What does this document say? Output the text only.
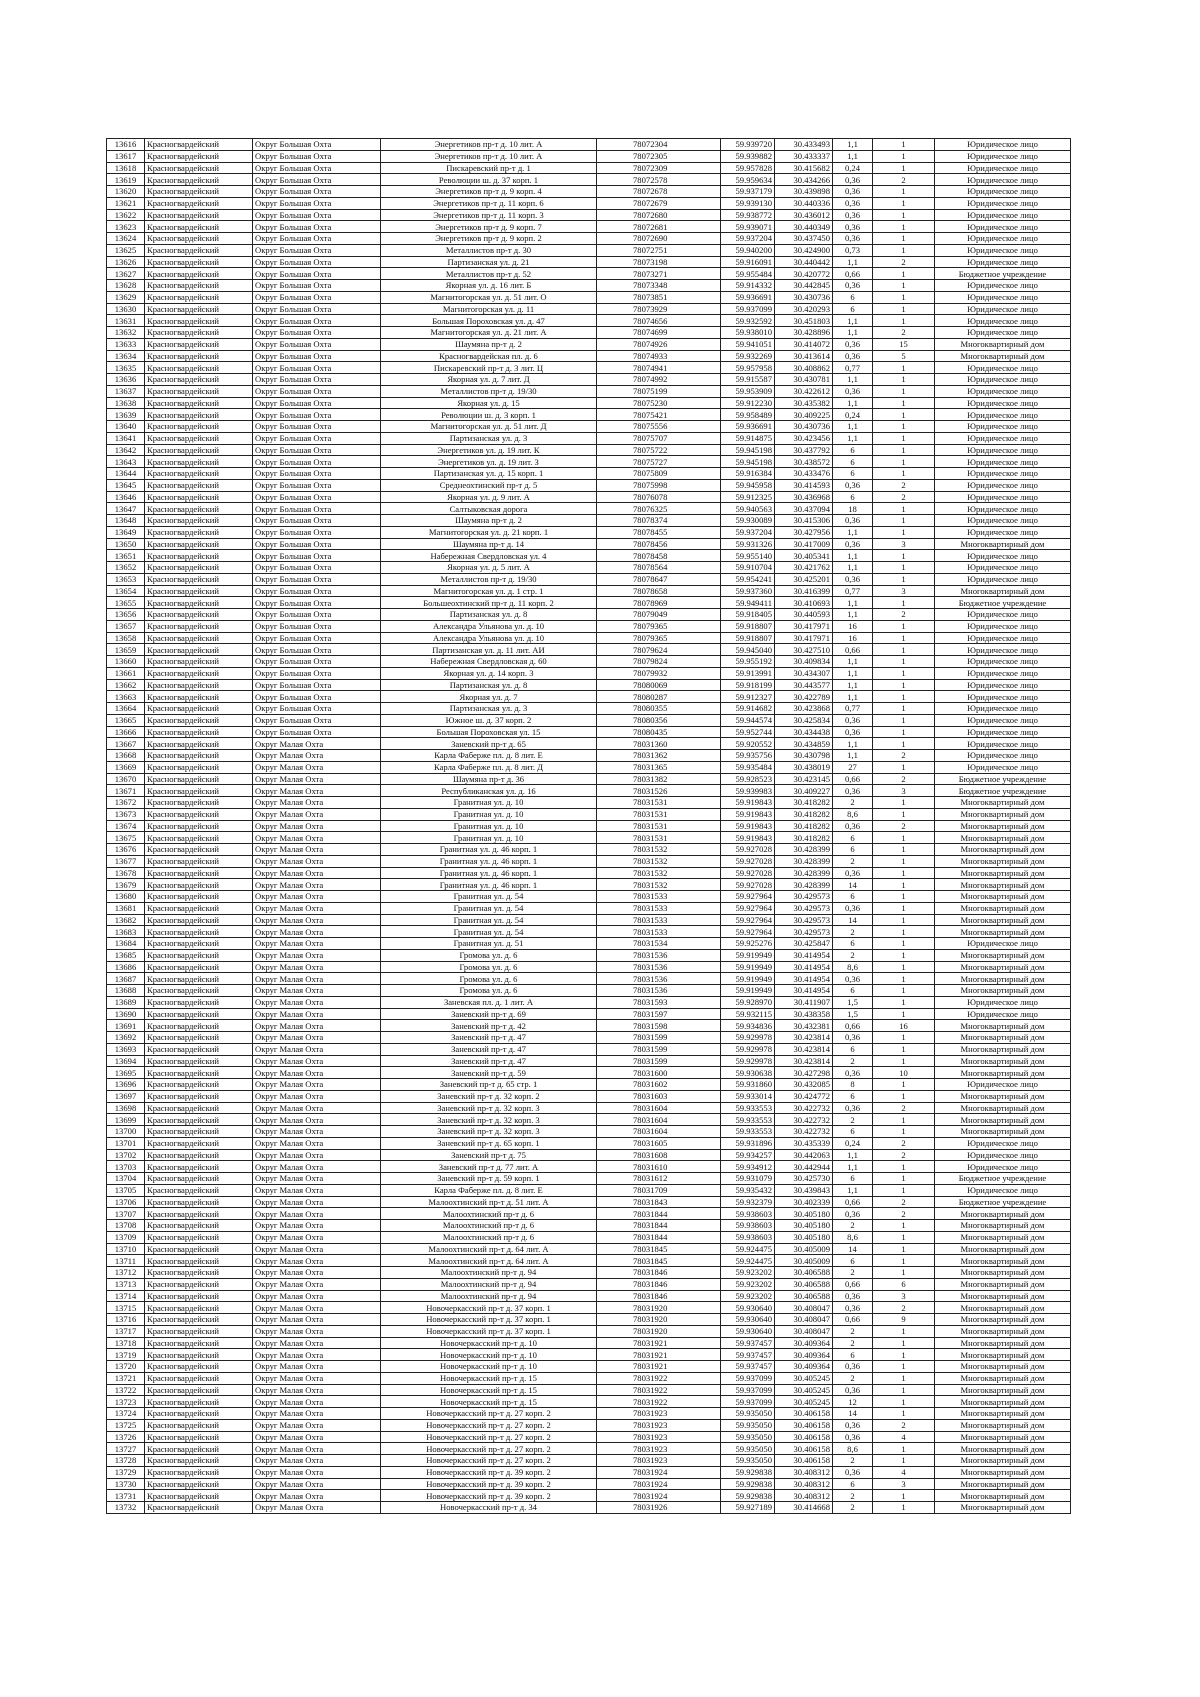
13616	Красногвардейский	Округ Большая Охта	Энергетиков пр-т д. 10 лит. А	78072304	59.939720	30.433493	1,1	1	Юридическое лицо
13617	Красногвардейский	Округ Большая Охта	Энергетиков пр-т д. 10 лит. А	78072305	59.939882	30.433337	1,1	1	Юридическое лицо
13618	Красногвардейский	Округ Большая Охта	Пискаревский пр-т д. 1	78072309	59.957828	30.415682	0,24	1	Юридическое лицо
13619	Красногвардейский	Округ Большая Охта	Революции ш. д. 37 корп. 1	78072578	59.959634	30.434266	0,36	2	Юридическое лицо
13620	Красногвардейский	Округ Большая Охта	Энергетиков пр-т д. 9 корп. 4	78072678	59.937179	30.439898	0,36	1	Юридическое лицо
13621	Красногвардейский	Округ Большая Охта	Энергетиков пр-т д. 11 корп. 6	78072679	59.939130	30.440336	0,36	1	Юридическое лицо
13622	Красногвардейский	Округ Большая Охта	Энергетиков пр-т д. 11 корп. 3	78072680	59.938772	30.436012	0,36	1	Юридическое лицо
13623	Красногвардейский	Округ Большая Охта	Энергетиков пр-т д. 9 корп. 7	78072681	59.939071	30.440349	0,36	1	Юридическое лицо
13624	Красногвардейский	Округ Большая Охта	Энергетиков пр-т д. 9 корп. 2	78072690	59.937204	30.437450	0,36	1	Юридическое лицо
13625	Красногвардейский	Округ Большая Охта	Металлистов пр-т д. 30	78072751	59.940200	30.424900	0,73	1	Юридическое лицо
13626	Красногвардейский	Округ Большая Охта	Партизанская ул. д. 21	78073198	59.916091	30.440442	1,1	2	Юридическое лицо
13627	Красногвардейский	Округ Большая Охта	Металлистов пр-т д. 52	78073271	59.955484	30.420772	0,66	1	Бюджетное учреждение
13628	Красногвардейский	Округ Большая Охта	Якорная ул. д. 16 лит. Б	78073348	59.914332	30.442845	0,36	1	Юридическое лицо
13629	Красногвардейский	Округ Большая Охта	Магнитогорская ул. д. 51 лит. О	78073851	59.936691	30.430736	6	1	Юридическое лицо
13630	Красногвардейский	Округ Большая Охта	Магнитогорская ул. д. 11	78073929	59.937099	30.420293	6	1	Юридическое лицо
13631	Красногвардейский	Округ Большая Охта	Большая Пороховская ул. д. 47	78074656	59.932592	30.451803	1,1	1	Юридическое лицо
13632	Красногвардейский	Округ Большая Охта	Магнитогорская ул. д. 21 лит. А	78074699	59.938010	30.428896	1,1	2	Юридическое лицо
13633	Красногвардейский	Округ Большая Охта	Шаумяна пр-т д. 2	78074926	59.941051	30.414072	0,36	15	Многоквартирный дом
13634	Красногвардейский	Округ Большая Охта	Красногвардейская пл. д. 6	78074933	59.932269	30.413614	0,36	5	Многоквартирный дом
13635	Красногвардейский	Округ Большая Охта	Пискаревский пр-т д. 3 лит. Ц	78074941	59.957958	30.408862	0,77	1	Юридическое лицо
13636	Красногвардейский	Округ Большая Охта	Якорная ул. д. 7 лит. Д	78074992	59.915587	30.430781	1,1	1	Юридическое лицо
13637	Красногвардейский	Округ Большая Охта	Металлистов пр-т д. 19/30	78075199	59.953909	30.422612	0,36	1	Юридическое лицо
13638	Красногвардейский	Округ Большая Охта	Якорная ул. д. 15	78075230	59.912230	30.435382	1,1	1	Юридическое лицо
13639	Красногвардейский	Округ Большая Охта	Революции ш. д. 3 корп. 1	78075421	59.958489	30.409225	0,24	1	Юридическое лицо
13640	Красногвардейский	Округ Большая Охта	Магнитогорская ул. д. 51 лит. Д	78075556	59.936691	30.430736	1,1	1	Юридическое лицо
13641	Красногвардейский	Округ Большая Охта	Партизанская ул. д. 3	78075707	59.914875	30.423456	1,1	1	Юридическое лицо
13642	Красногвардейский	Округ Большая Охта	Энергетиков ул. д. 19 лит. К	78075722	59.945198	30.437792	6	1	Юридическое лицо
13643	Красногвардейский	Округ Большая Охта	Энергетиков ул. д. 19 лит. З	78075727	59.945198	30.438572	6	1	Юридическое лицо
13644	Красногвардейский	Округ Большая Охта	Партизанская ул. д. 15 корп. 1	78075809	59.916384	30.433476	6	1	Юридическое лицо
13645	Красногвардейский	Округ Большая Охта	Среднеохтинский пр-т д. 5	78075998	59.945958	30.414593	0,36	2	Юридическое лицо
13646	Красногвардейский	Округ Большая Охта	Якорная ул. д. 9 лит. А	78076078	59.912325	30.436968	6	2	Юридическое лицо
13647	Красногвардейский	Округ Большая Охта	Салтыковская дорога	78076325	59.940563	30.437094	18	1	Юридическое лицо
13648	Красногвардейский	Округ Большая Охта	Шаумяна пр-т д. 2	78078374	59.930089	30.415306	0,36	1	Юридическое лицо
13649	Красногвардейский	Округ Большая Охта	Магнитогорская ул. д. 21 корп. 1	78078455	59.937204	30.427956	1,1	1	Юридическое лицо
13650	Красногвардейский	Округ Большая Охта	Шаумяна пр-т д. 14	78078456	59.931326	30.417009	0,36	3	Многоквартирный дом
13651	Красногвардейский	Округ Большая Охта	Набережная Свердловская ул. 4	78078458	59.955140	30.405341	1,1	1	Юридическое лицо
13652	Красногвардейский	Округ Большая Охта	Якорная ул. д. 5 лит. А	78078564	59.910704	30.421762	1,1	1	Юридическое лицо
13653	Красногвардейский	Округ Большая Охта	Металлистов пр-т д. 19/30	78078647	59.954241	30.425201	0,36	1	Юридическое лицо
13654	Красногвардейский	Округ Большая Охта	Магнитогорская ул. д. 1 стр. 1	78078658	59.937360	30.416399	0,77	3	Многоквартирный дом
13655	Красногвардейский	Округ Большая Охта	Большеохтинский пр-т д. 11 корп. 2	78078969	59.949411	30.410693	1,1	1	Бюджетное учреждение
13656	Красногвардейский	Округ Большая Охта	Партизанская ул. д. 8	78079049	59.918405	30.440593	1,1	2	Юридическое лицо
13657	Красногвардейский	Округ Большая Охта	Александра Ульянова ул. д. 10	78079365	59.918807	30.417971	16	1	Юридическое лицо
13658	Красногвардейский	Округ Большая Охта	Александра Ульянова ул. д. 10	78079365	59.918807	30.417971	16	1	Юридическое лицо
13659	Красногвардейский	Округ Большая Охта	Партизанская ул. д. 11 лит. АИ	78079624	59.945040	30.427510	0,66	1	Юридическое лицо
13660	Красногвардейский	Округ Большая Охта	Набережная Свердловская д. 60	78079824	59.955192	30.409834	1,1	1	Юридическое лицо
13661	Красногвардейский	Округ Большая Охта	Якорная ул. д. 14 корп. 3	78079932	59.913991	30.434307	1,1	1	Юридическое лицо
13662	Красногвардейский	Округ Большая Охта	Партизанская ул. д. 8	78080069	59.918199	30.443577	1,1	1	Юридическое лицо
13663	Красногвардейский	Округ Большая Охта	Якорная ул. д. 7	78080287	59.912327	30.422789	1,1	1	Юридическое лицо
13664	Красногвардейский	Округ Большая Охта	Партизанская ул. д. 3	78080355	59.914682	30.423868	0,77	1	Юридическое лицо
13665	Красногвардейский	Округ Большая Охта	Южное ш. д. 37 корп. 2	78080356	59.944574	30.425834	0,36	1	Юридическое лицо
13666	Красногвардейский	Округ Большая Охта	Большая Пороховская ул. 15	78080435	59.952744	30.434438	0,36	1	Юридическое лицо
13667	Красногвардейский	Округ Малая Охта	Заневский пр-т д. 65	78031360	59.920552	30.434859	1,1	1	Юридическое лицо
13668	Красногвардейский	Округ Малая Охта	Карла Фаберже пл. д. 8 лит. Е	78031362	59.935756	30.430798	1,1	2	Юридическое лицо
13669	Красногвардейский	Округ Малая Охта	Карла Фаберже пл. д. 8 лит. Д	78031365	59.935484	30.438019	27	1	Юридическое лицо
13670	Красногвардейский	Округ Малая Охта	Шаумяна пр-т д. 36	78031382	59.928523	30.423145	0,66	2	Бюджетное учреждение
13671	Красногвардейский	Округ Малая Охта	Республиканская ул. д. 16	78031526	59.939983	30.409227	0,36	3	Бюджетное учреждение
13672	Красногвардейский	Округ Малая Охта	Гранитная ул. д. 10	78031531	59.919843	30.418282	2	1	Многоквартирный дом
13673	Красногвардейский	Округ Малая Охта	Гранитная ул. д. 10	78031531	59.919843	30.418282	8,6	1	Многоквартирный дом
13674	Красногвардейский	Округ Малая Охта	Гранитная ул. д. 10	78031531	59.919843	30.418282	0,36	2	Многоквартирный дом
13675	Красногвардейский	Округ Малая Охта	Гранитная ул. д. 10	78031531	59.919843	30.418282	6	1	Многоквартирный дом
13676	Красногвардейский	Округ Малая Охта	Гранитная ул. д. 46 корп. 1	78031532	59.927028	30.428399	6	1	Многоквартирный дом
13677	Красногвардейский	Округ Малая Охта	Гранитная ул. д. 46 корп. 1	78031532	59.927028	30.428399	2	1	Многоквартирный дом
13678	Красногвардейский	Округ Малая Охта	Гранитная ул. д. 46 корп. 1	78031532	59.927028	30.428399	0,36	1	Многоквартирный дом
13679	Красногвардейский	Округ Малая Охта	Гранитная ул. д. 46 корп. 1	78031532	59.927028	30.428399	14	1	Многоквартирный дом
13680	Красногвардейский	Округ Малая Охта	Гранитная ул. д. 54	78031533	59.927964	30.429573	6	1	Многоквартирный дом
13681	Красногвардейский	Округ Малая Охта	Гранитная ул. д. 54	78031533	59.927964	30.429573	0,36	1	Многоквартирный дом
13682	Красногвардейский	Округ Малая Охта	Гранитная ул. д. 54	78031533	59.927964	30.429573	14	1	Многоквартирный дом
13683	Красногвардейский	Округ Малая Охта	Гранитная ул. д. 54	78031533	59.927964	30.429573	2	1	Многоквартирный дом
13684	Красногвардейский	Округ Малая Охта	Гранитная ул. д. 51	78031534	59.925276	30.425847	6	1	Юридическое лицо
13685	Красногвардейский	Округ Малая Охта	Громова ул. д. 6	78031536	59.919949	30.414954	2	1	Многоквартирный дом
13686	Красногвардейский	Округ Малая Охта	Громова ул. д. 6	78031536	59.919949	30.414954	8,6	1	Многоквартирный дом
13687	Красногвардейский	Округ Малая Охта	Громова ул. д. 6	78031536	59.919949	30.414954	0,36	1	Многоквартирный дом
13688	Красногвардейский	Округ Малая Охта	Громова ул. д. 6	78031536	59.919949	30.414954	6	1	Многоквартирный дом
13689	Красногвардейский	Округ Малая Охта	Заневская пл. д. 1 лит. А	78031593	59.928970	30.411907	1,5	1	Юридическое лицо
13690	Красногвардейский	Округ Малая Охта	Заневский пр-т д. 69	78031597	59.932115	30.438358	1,5	1	Юридическое лицо
13691	Красногвардейский	Округ Малая Охта	Заневский пр-т д. 42	78031598	59.934836	30.432381	0,66	16	Многоквартирный дом
13692	Красногвардейский	Округ Малая Охта	Заневский пр-т д. 47	78031599	59.929978	30.423814	0,36	1	Многоквартирный дом
13693	Красногвардейский	Округ Малая Охта	Заневский пр-т д. 47	78031599	59.929978	30.423814	6	1	Многоквартирный дом
13694	Красногвардейский	Округ Малая Охта	Заневский пр-т д. 47	78031599	59.929978	30.423814	2	1	Многоквартирный дом
13695	Красногвардейский	Округ Малая Охта	Заневский пр-т д. 59	78031600	59.930638	30.427298	0,36	10	Многоквартирный дом
13696	Красногвардейский	Округ Малая Охта	Заневский пр-т д. 65 стр. 1	78031602	59.931860	30.432085	8	1	Юридическое лицо
13697	Красногвардейский	Округ Малая Охта	Заневский пр-т д. 32 корп. 2	78031603	59.933014	30.424772	6	1	Многоквартирный дом
13698	Красногвардейский	Округ Малая Охта	Заневский пр-т д. 32 корп. 3	78031604	59.933553	30.422732	0,36	2	Многоквартирный дом
13699	Красногвардейский	Округ Малая Охта	Заневский пр-т д. 32 корп. 3	78031604	59.933553	30.422732	2	1	Многоквартирный дом
13700	Красногвардейский	Округ Малая Охта	Заневский пр-т д. 32 корп. 3	78031604	59.933553	30.422732	6	1	Многоквартирный дом
13701	Красногвардейский	Округ Малая Охта	Заневский пр-т д. 65 корп. 1	78031605	59.931896	30.435339	0,24	2	Юридическое лицо
13702	Красногвардейский	Округ Малая Охта	Заневский пр-т д. 75	78031608	59.934257	30.442063	1,1	2	Юридическое лицо
13703	Красногвардейский	Округ Малая Охта	Заневский пр-т д. 77 лит. А	78031610	59.934912	30.442944	1,1	1	Юридическое лицо
13704	Красногвардейский	Округ Малая Охта	Заневский пр-т д. 59 корп. 1	78031612	59.931079	30.425730	6	1	Бюджетное учреждение
13705	Красногвардейский	Округ Малая Охта	Карла Фаберже пл. д. 8 лит. Е	78031709	59.935432	30.439843	1,1	1	Юридическое лицо
13706	Красногвардейский	Округ Малая Охта	Малоохтинский пр-т д. 51 лит. А	78031843	59.932379	30.402339	0,66	2	Бюджетное учреждение
13707	Красногвардейский	Округ Малая Охта	Малоохтинский пр-т д. 6	78031844	59.938603	30.405180	0,36	2	Многоквартирный дом
13708	Красногвардейский	Округ Малая Охта	Малоохтинский пр-т д. 6	78031844	59.938603	30.405180	2	1	Многоквартирный дом
13709	Красногвардейский	Округ Малая Охта	Малоохтинский пр-т д. 6	78031844	59.938603	30.405180	8,6	1	Многоквартирный дом
13710	Красногвардейский	Округ Малая Охта	Малоохтинский пр-т д. 64 лит. А	78031845	59.924475	30.405009	14	1	Многоквартирный дом
13711	Красногвардейский	Округ Малая Охта	Малоохтинский пр-т д. 64 лит. А	78031845	59.924475	30.405009	6	1	Многоквартирный дом
13712	Красногвардейский	Округ Малая Охта	Малоохтинский пр-т д. 94	78031846	59.923202	30.406588	2	1	Многоквартирный дом
13713	Красногвардейский	Округ Малая Охта	Малоохтинский пр-т д. 94	78031846	59.923202	30.406588	0,66	6	Многоквартирный дом
13714	Красногвардейский	Округ Малая Охта	Малоохтинский пр-т д. 94	78031846	59.923202	30.406588	0,36	3	Многоквартирный дом
13715	Красногвардейский	Округ Малая Охта	Новочеркасский пр-т д. 37 корп. 1	78031920	59.930640	30.408047	0,36	2	Многоквартирный дом
13716	Красногвардейский	Округ Малая Охта	Новочеркасский пр-т д. 37 корп. 1	78031920	59.930640	30.408047	0,66	9	Многоквартирный дом
13717	Красногвардейский	Округ Малая Охта	Новочеркасский пр-т д. 37 корп. 1	78031920	59.930640	30.408047	2	1	Многоквартирный дом
13718	Красногвардейский	Округ Малая Охта	Новочеркасский пр-т д. 10	78031921	59.937457	30.409364	2	1	Многоквартирный дом
13719	Красногвардейский	Округ Малая Охта	Новочеркасский пр-т д. 10	78031921	59.937457	30.409364	6	1	Многоквартирный дом
13720	Красногвардейский	Округ Малая Охта	Новочеркасский пр-т д. 10	78031921	59.937457	30.409364	0,36	1	Многоквартирный дом
13721	Красногвардейский	Округ Малая Охта	Новочеркасский пр-т д. 15	78031922	59.937099	30.405245	2	1	Многоквартирный дом
13722	Красногвардейский	Округ Малая Охта	Новочеркасский пр-т д. 15	78031922	59.937099	30.405245	0,36	1	Многоквартирный дом
13723	Красногвардейский	Округ Малая Охта	Новочеркасский пр-т д. 15	78031922	59.937099	30.405245	12	1	Многоквартирный дом
13724	Красногвардейский	Округ Малая Охта	Новочеркасский пр-т д. 27 корп. 2	78031923	59.935050	30.406158	14	1	Многоквартирный дом
13725	Красногвардейский	Округ Малая Охта	Новочеркасский пр-т д. 27 корп. 2	78031923	59.935050	30.406158	0,36	2	Многоквартирный дом
13726	Красногвардейский	Округ Малая Охта	Новочеркасский пр-т д. 27 корп. 2	78031923	59.935050	30.406158	0,36	4	Многоквартирный дом
13727	Красногвардейский	Округ Малая Охта	Новочеркасский пр-т д. 27 корп. 2	78031923	59.935050	30.406158	8,6	1	Многоквартирный дом
13728	Красногвардейский	Округ Малая Охта	Новочеркасский пр-т д. 27 корп. 2	78031923	59.935050	30.406158	2	1	Многоквартирный дом
13729	Красногвардейский	Округ Малая Охта	Новочеркасский пр-т д. 39 корп. 2	78031924	59.929838	30.408312	0,36	4	Многоквартирный дом
13730	Красногвардейский	Округ Малая Охта	Новочеркасский пр-т д. 39 корп. 2	78031924	59.929838	30.408312	6	3	Многоквартирный дом
13731	Красногвардейский	Округ Малая Охта	Новочеркасский пр-т д. 39 корп. 2	78031924	59.929838	30.408312	2	1	Многоквартирный дом
13732	Красногвардейский	Округ Малая Охта	Новочеркасский пр-т д. 34	78031926	59.927189	30.414668	2	1	Многоквартирный дом
